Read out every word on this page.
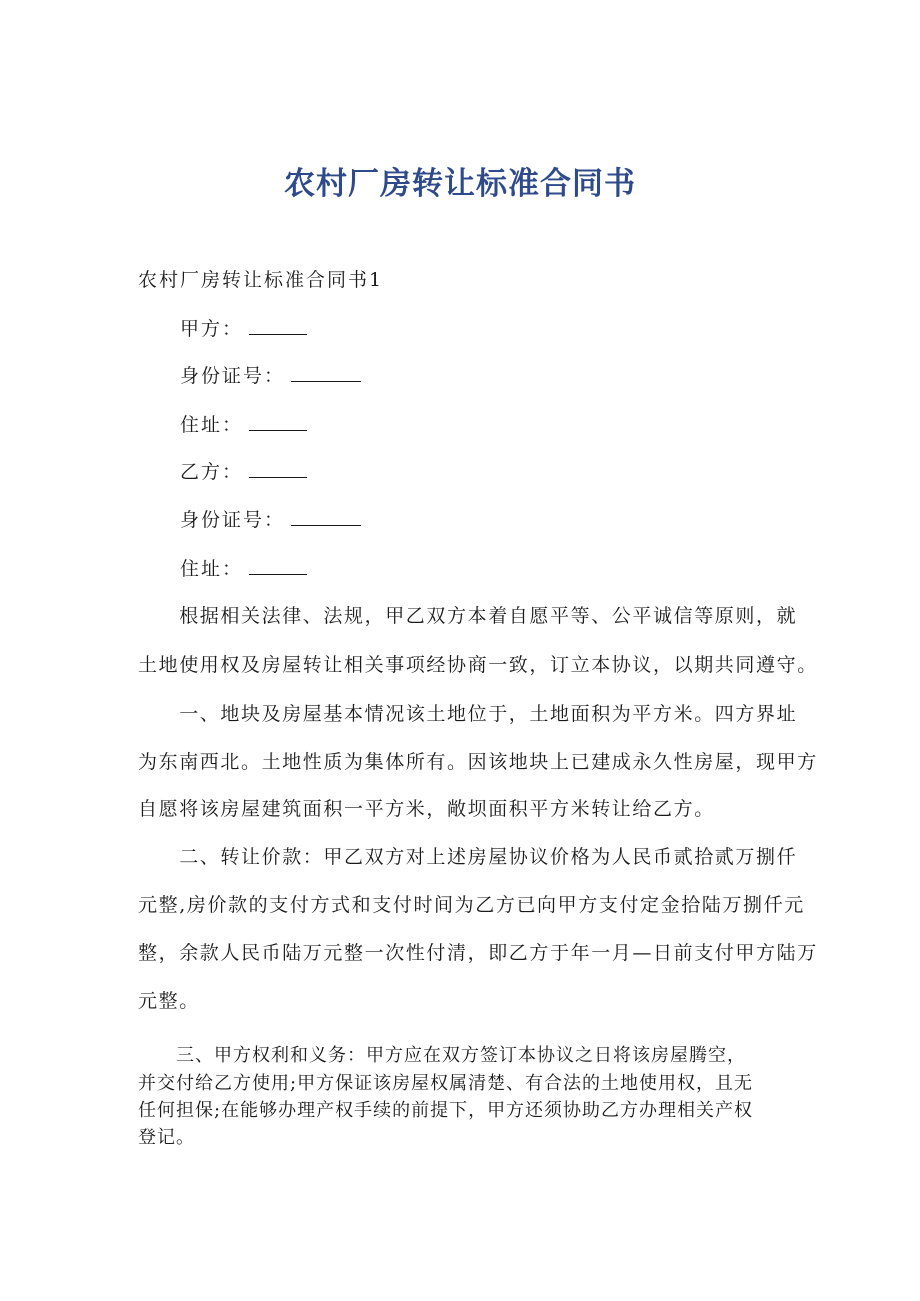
农村厂房转让标准合同书

农村厂房转让标准合同书1

甲方：

身份证号：

住址：

乙方：

身份证号：

住址：

　　根据相关法律、法规，甲乙双方本着自愿平等、公平诚信等原则，就

土地使用权及房屋转让相关事项经协商一致，订立本协议，以期共同遵守。

　　一、地块及房屋基本情况该土地位于，土地面积为平方米。四方界址

为东南西北。土地性质为集体所有。因该地块上已建成永久性房屋，现甲方

自愿将该房屋建筑面积一平方米，敞坝面积平方米转让给乙方。

　　二、转让价款：甲乙双方对上述房屋协议价格为人民币贰拾贰万捌仟

元整,房价款的支付方式和支付时间为乙方已向甲方支付定金拾陆万捌仟元

整，余款人民币陆万元整一次性付清，即乙方于年一月—日前支付甲方陆万

元整。

　　三、甲方权利和义务：甲方应在双方签订本协议之日将该房屋腾空，

并交付给乙方使用;甲方保证该房屋权属清楚、有合法的土地使用权，且无

任何担保;在能够办理产权手续的前提下，甲方还须协助乙方办理相关产权

登记。
